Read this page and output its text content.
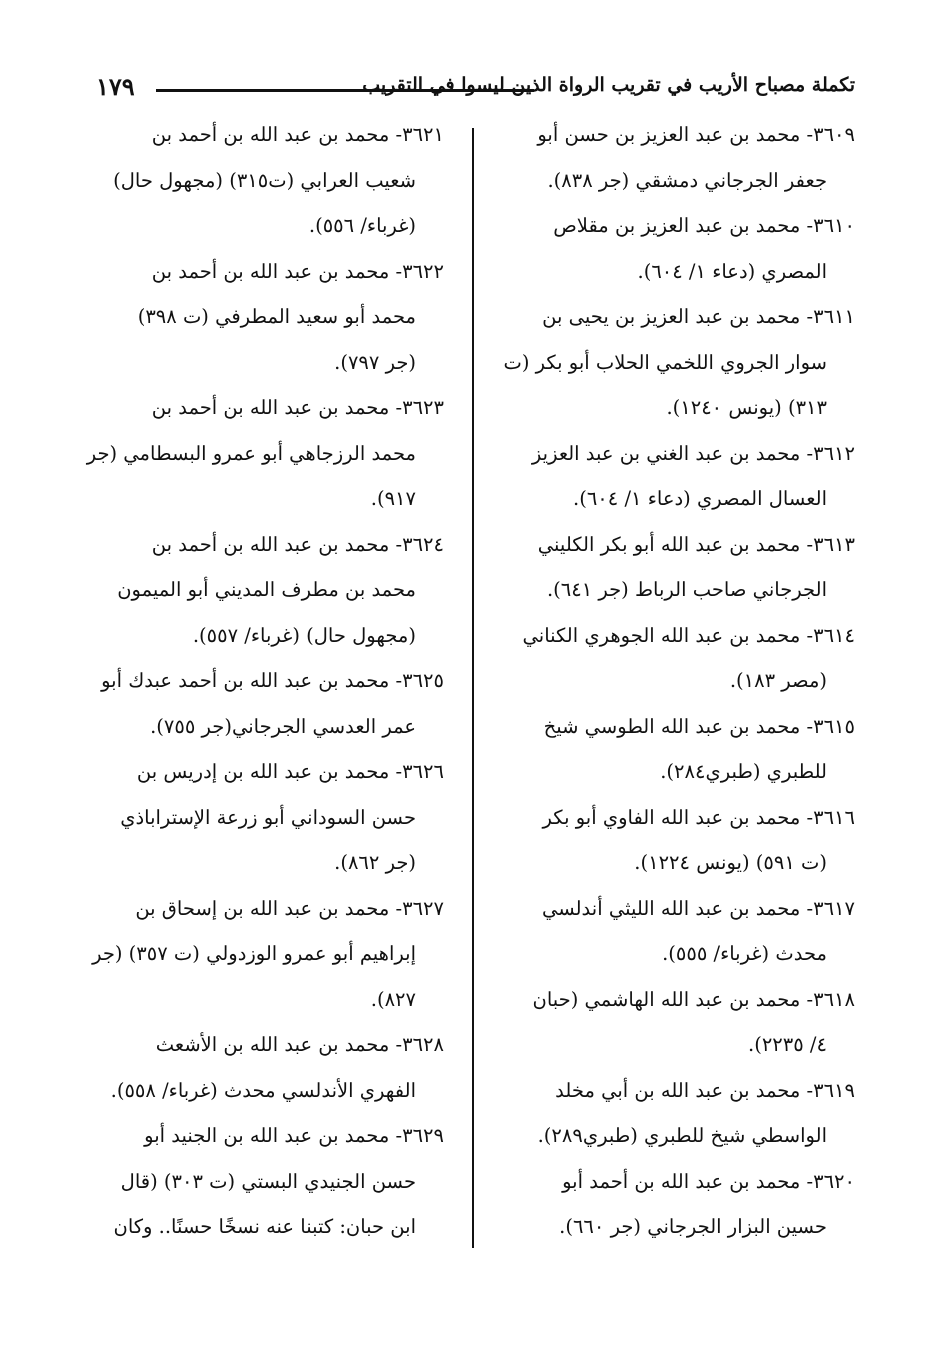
١٧٩	تكملة مصباح الأريب في تقريب الرواة الذين ليسوا في التقريب
٣٦٠٩- محمد بن عبد العزيز بن حسن أبو
جعفر الجرجاني دمشقي (جر ٨٣٨).
٣٦١٠- محمد بن عبد العزيز بن مقلاص
المصري (دعاء ١/ ٦٠٤).
٣٦١١- محمد بن عبد العزيز بن يحيى بن
سوار الجروي اللخمي الحلاب أبو بكر (ت
٣١٣) (يونس ١٢٤٠).
٣٦١٢- محمد بن عبد الغني بن عبد العزيز
العسال المصري (دعاء ١/ ٦٠٤).
٣٦١٣- محمد بن عبد الله أبو بكر الكليني
الجرجاني صاحب الرباط (جر ٦٤١).
٣٦١٤- محمد بن عبد الله الجوهري الكناني
(مصر ١٨٣).
٣٦١٥- محمد بن عبد الله الطوسي شيخ
للطبري (طبري٢٨٤).
٣٦١٦- محمد بن عبد الله الفاوي أبو بكر
(ت ٥٩١) (يونس ١٢٢٤).
٣٦١٧- محمد بن عبد الله الليثي أندلسي
محدث (غرباء/ ٥٥٥).
٣٦١٨- محمد بن عبد الله الهاشمي (حبان
٤/ ٢٢٣٥).
٣٦١٩- محمد بن عبد الله بن أبي مخلد
الواسطي شيخ للطبري (طبري٢٨٩).
٣٦٢٠- محمد بن عبد الله بن أحمد أبو
حسين البزار الجرجاني (جر ٦٦٠).
٣٦٢١- محمد بن عبد الله بن أحمد بن
شعيب العرابي (ت٣١٥) (مجهول حال)
(غرباء/ ٥٥٦).
٣٦٢٢- محمد بن عبد الله بن أحمد بن
محمد أبو سعيد المطرفي (ت ٣٩٨)
(جر ٧٩٧).
٣٦٢٣- محمد بن عبد الله بن أحمد بن
محمد الرزجاهي أبو عمرو البسطامي (جر
٩١٧).
٣٦٢٤- محمد بن عبد الله بن أحمد بن
محمد بن مطرف المديني أبو الميمون
(مجهول حال) (غرباء/ ٥٥٧).
٣٦٢٥- محمد بن عبد الله بن أحمد عبدك أبو
عمر العدسي الجرجاني(جر ٧٥٥).
٣٦٢٦- محمد بن عبد الله بن إدريس بن
حسن السوداني أبو زرعة الإستراباذي
(جر ٨٦٢).
٣٦٢٧- محمد بن عبد الله بن إسحاق بن
إبراهيم أبو عمرو الوزدولي (ت ٣٥٧) (جر
٨٢٧).
٣٦٢٨- محمد بن عبد الله بن الأشعث
الفهري الأندلسي محدث (غرباء/ ٥٥٨).
٣٦٢٩- محمد بن عبد الله بن الجنيد أبو
حسن الجنيدي البستي (ت ٣٠٣) (قال
ابن حبان: كتبنا عنه نسخًا حسنًا.. وكان
